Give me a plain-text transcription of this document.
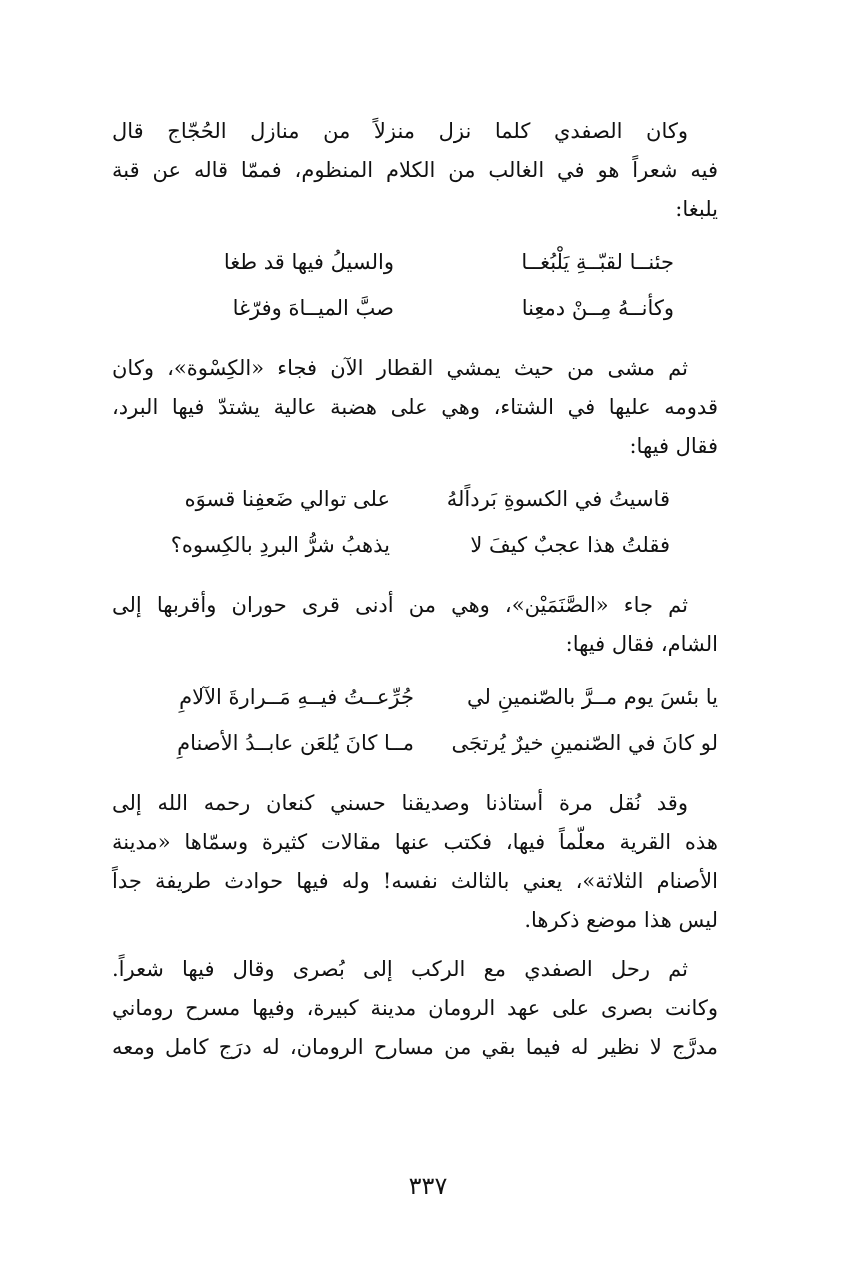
وكان الصفدي كلما نزل منزلاً من منازل الحُجّاج قال
فيه شعراً هو في الغالب من الكلام المنظوم، فممّا قاله عن قبة
يلبغا:

جئنــا لقبّــةِ يَلْبُغــا
والسيلُ فيها قد طغا
وكأنــهُ مِــنْ دمعِنا
صبَّ الميــاهَ وفرّغا

ثم مشى من حيث يمشي القطار الآن فجاء «الكِسْوة»، وكان
قدومه عليها في الشتاء، وهي على هضبة عالية يشتدّ فيها البرد،
فقال فيها:

قاسيتُ في الكسوةِ بَرداًلهُ
على توالي ضَعفِنا قسوَه
فقلتُ هذا عجبٌ كيفَ لا
يذهبُ شرُّ البردِ بالكِسوه؟

ثم جاء «الصَّنَمَيْن»، وهي من أدنى قرى حوران وأقربها إلى
الشام، فقال فيها:

يا بئسَ يوم مــرَّ بالصّنمينِ لي
جُرِّعــتُ فيــهِ مَــرارةَ الآلامِ
لو كانَ في الصّنمينِ خيرٌ يُرتجَى
مــا كانَ يُلعَن عابــدُ الأصنامِ

وقد نُقل مرة أستاذنا وصديقنا حسني كنعان رحمه الله إلى
هذه القرية معلّماً فيها، فكتب عنها مقالات كثيرة وسمّاها «مدينة
الأصنام الثلاثة»، يعني بالثالث نفسه! وله فيها حوادث طريفة جداً
ليس هذا موضع ذكرها.

ثم رحل الصفدي مع الركب إلى بُصرى وقال فيها شعراً.
وكانت بصرى على عهد الرومان مدينة كبيرة، وفيها مسرح روماني
مدرَّج لا نظير له فيما بقي من مسارح الرومان، له درَج كامل ومعه

٣٣٧
